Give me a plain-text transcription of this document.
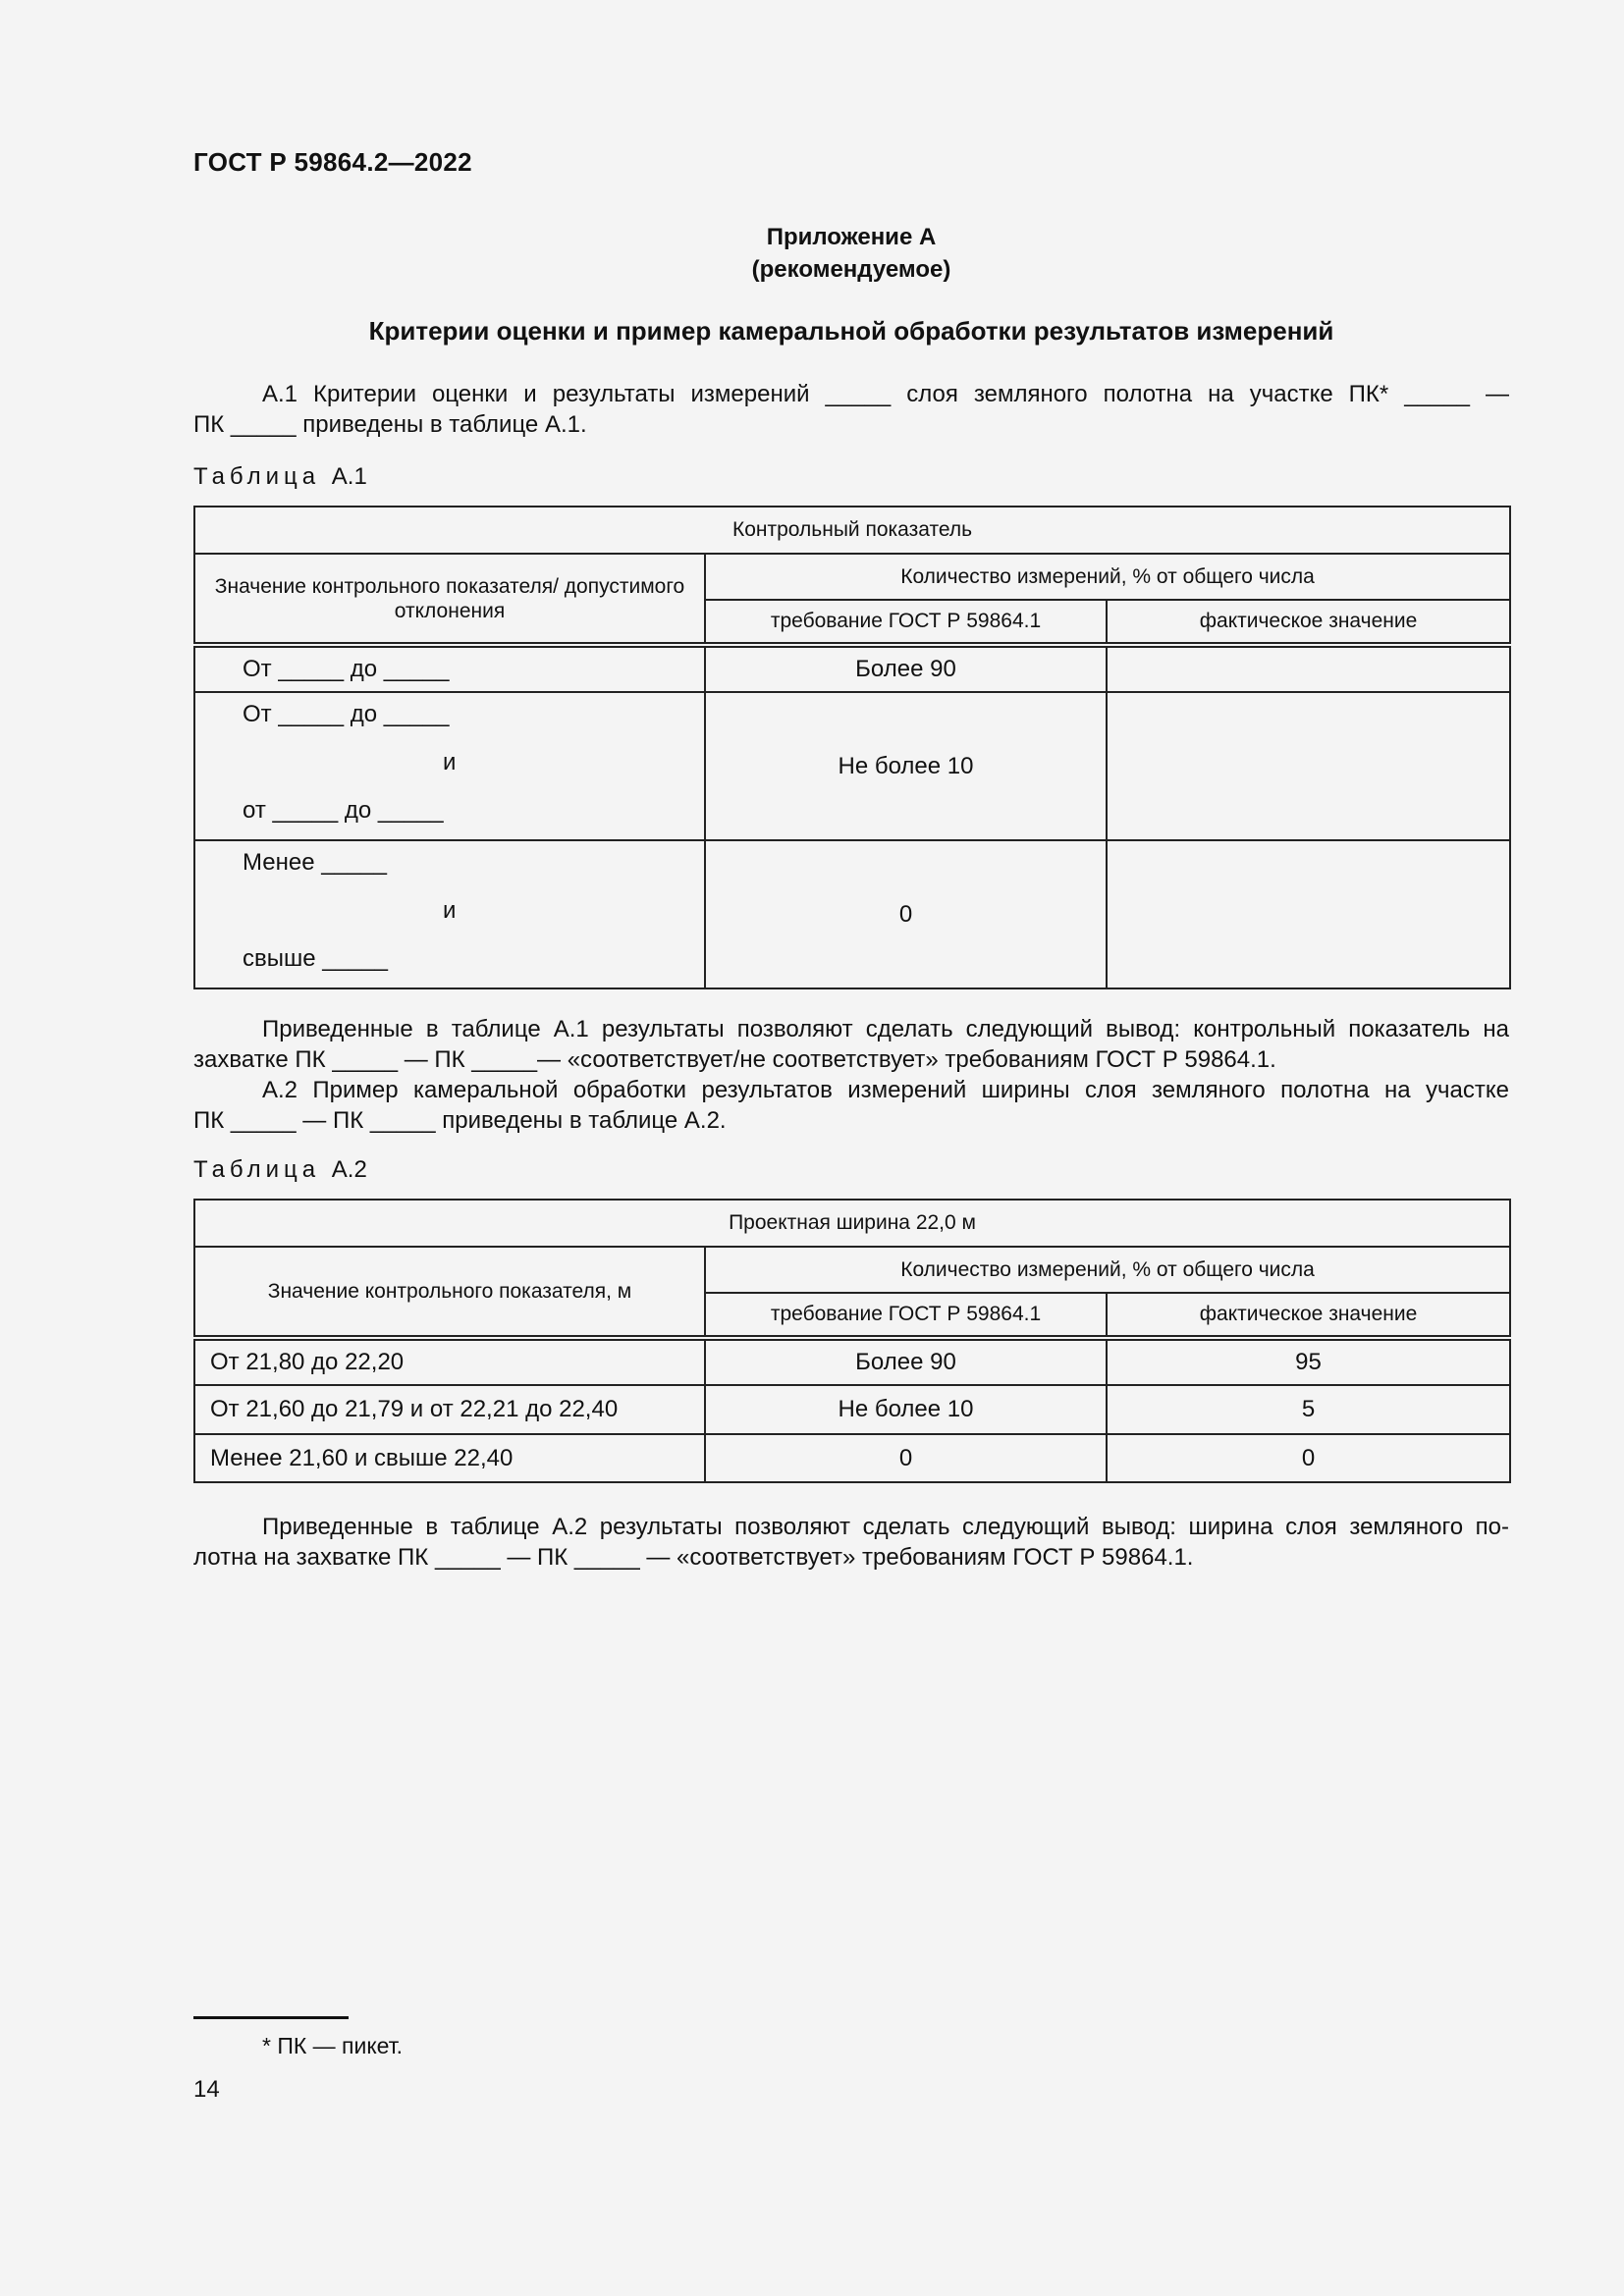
ГОСТ Р 59864.2—2022
Приложение А
(рекомендуемое)
Критерии оценки и пример камеральной обработки результатов измерений
А.1 Критерии оценки и результаты измерений _____ слоя земляного полотна на участке ПК* _____ —
ПК _____ приведены в таблице А.1.
Таблица А.1
Контрольный показатель		
Значение контрольного показателя/ допустимого отклонения	Количество измерений, % от общего числа	
	требование ГОСТ Р 59864.1	фактическое значение
От _____ до _____	Более 90	

От _____ до _____
и
от _____ до _____	Не более 10	

Менее _____
и
свыше _____	0	
Приведенные в таблице А.1 результаты позволяют сделать следующий вывод: контрольный показатель на
захватке ПК _____ — ПК _____— «соответствует/не соответствует» требованиям ГОСТ Р 59864.1.
А.2 Пример камеральной обработки результатов измерений ширины слоя земляного полотна на участке
ПК _____ — ПК _____ приведены в таблице А.2.
Таблица А.2
Проектная ширина 22,0 м		
Значение контрольного показателя, м	Количество измерений, % от общего числа	
	требование ГОСТ Р 59864.1	фактическое значение
От 21,80 до 22,20	Более 90	95
От 21,60 до 21,79 и от 22,21 до 22,40	Не более 10	5
Менее 21,60 и свыше 22,40	0	0
Приведенные в таблице А.2 результаты позволяют сделать следующий вывод: ширина слоя земляного по-
лотна на захватке ПК _____ — ПК _____ — «соответствует» требованиям ГОСТ Р 59864.1.
* ПК — пикет.
14
